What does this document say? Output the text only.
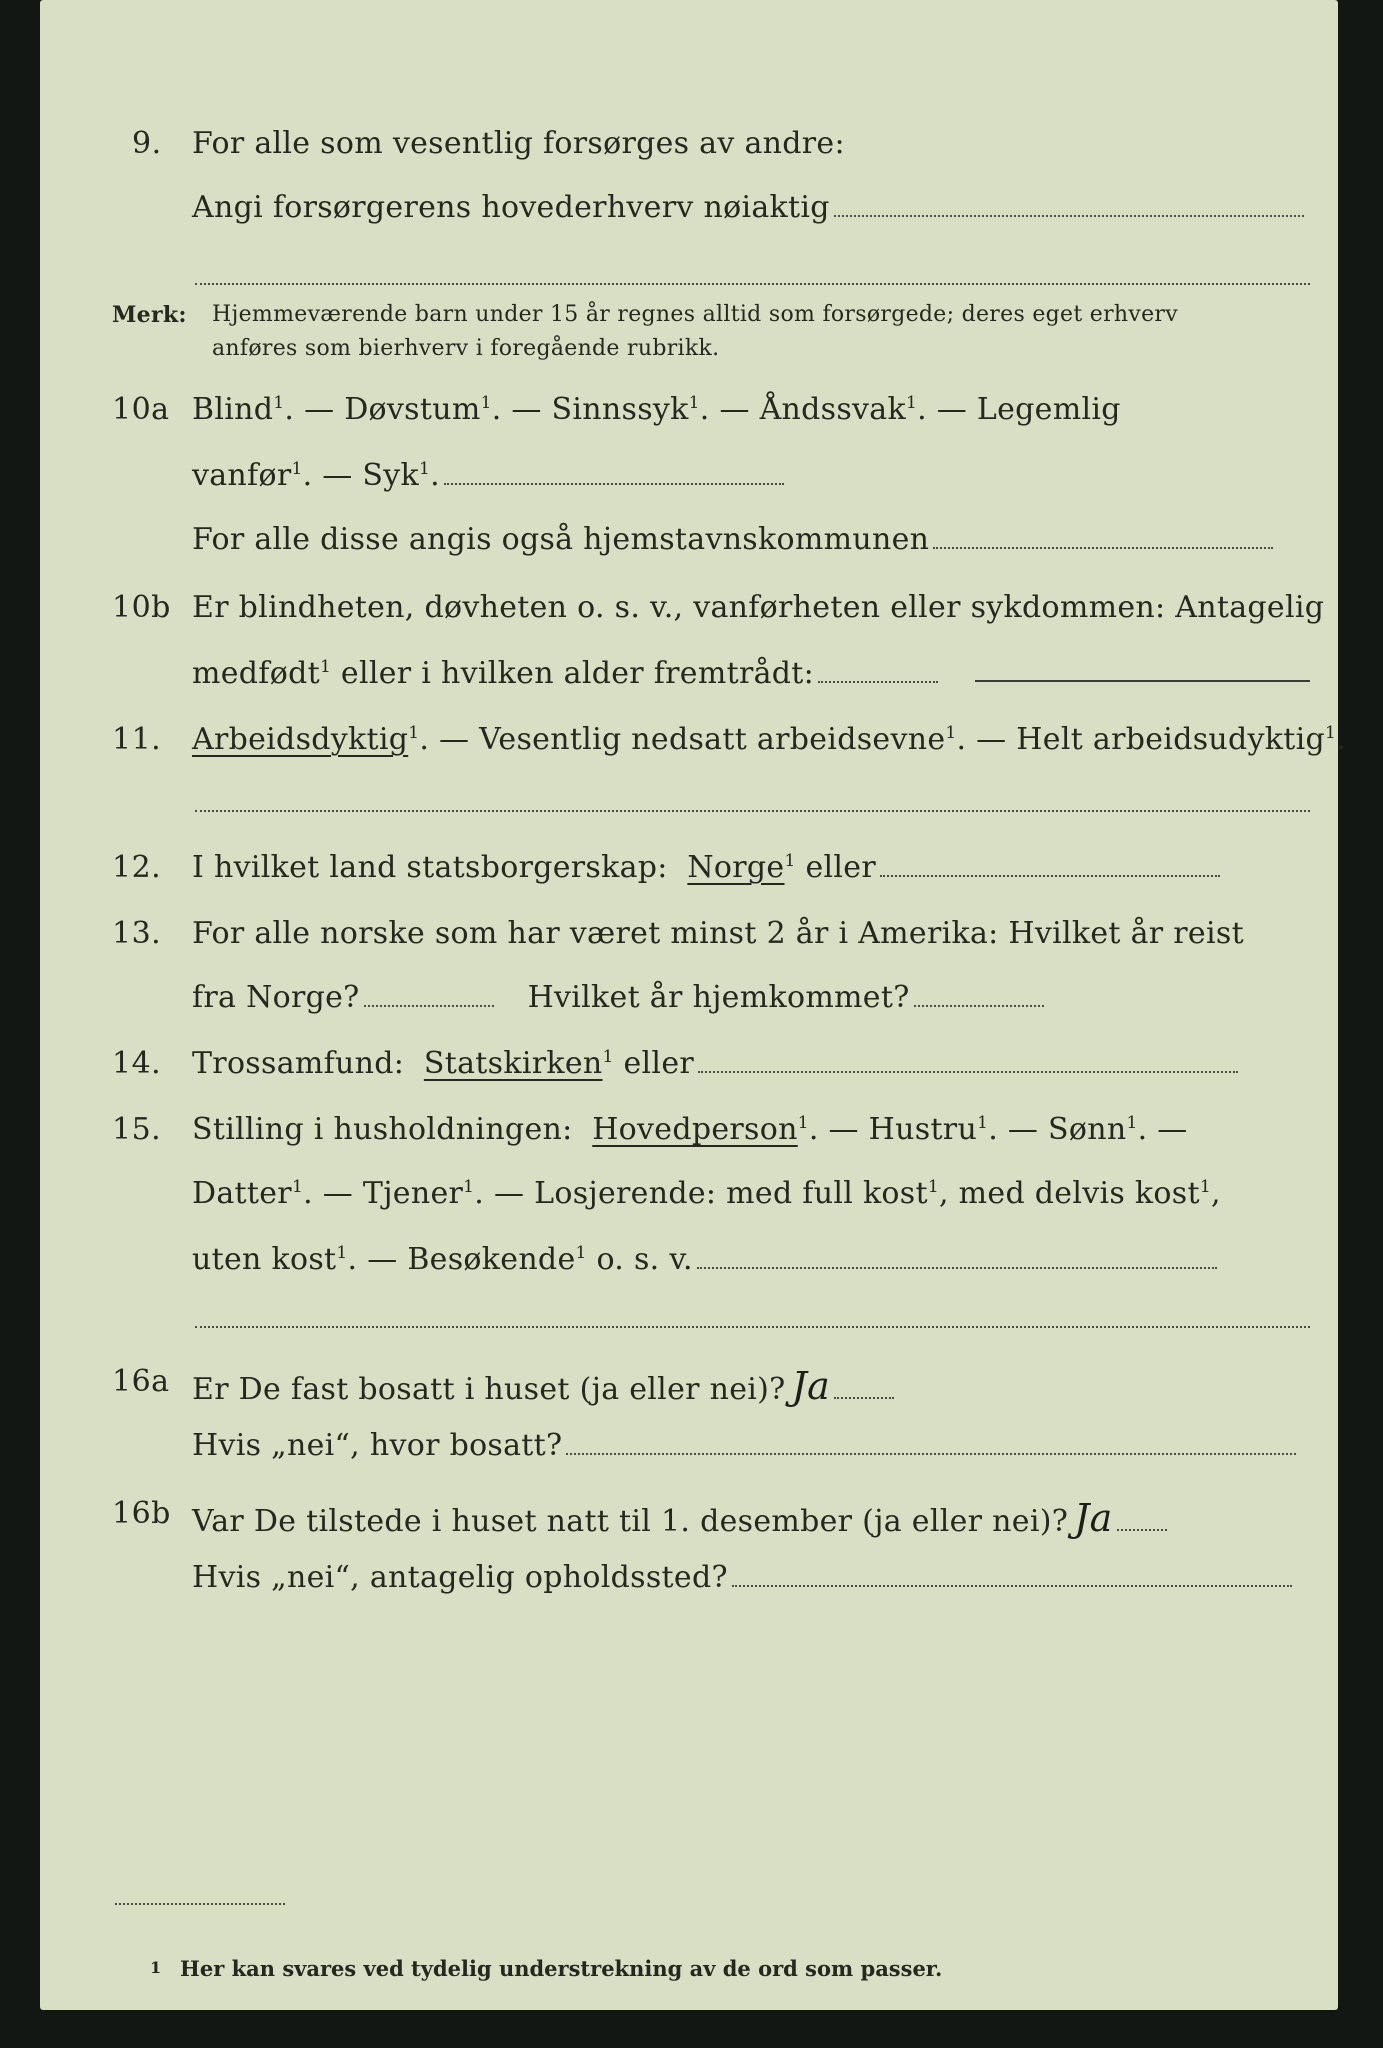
9. For alle som vesentlig forsørges av andre:
Angi forsørgerens hovederhverv nøiaktig
Merk: Hjemmeværende barn under 15 år regnes alltid som forsørgede; deres eget erhverv
anføres som bierhverv i foregående rubrikk.
10a Blind$^1$. — Døvstum$^1$. — Sinnssyk$^1$. — Åndssvak$^1$. — Legemlig
vanfør$^1$. — Syk$^1$.
For alle disse angis også hjemstavnskommunen
10b Er blindheten, døvheten o. s. v., vanførheten eller sykdommen: Antagelig
medfødt$^1$ eller i hvilken alder fremtrådt:
11. Arbeidsdyktig$^1$. — Vesentlig nedsatt arbeidsevne$^1$. — Helt arbeidsudyktig$^1$.
12. I hvilket land statsborgerskap: Norge$^1$ eller
13. For alle norske som har været minst 2 år i Amerika: Hvilket år reist
fra Norge?	Hvilket år hjemkommet?
14. Trossamfund: Statskirken$^1$ eller
15. Stilling i husholdningen: Hovedperson$^1$. — Hustru$^1$. — Sønn$^1$. —
Datter$^1$. — Tjener$^1$. — Losjerende: med full kost$^1$, med delvis kost$^1$,
uten kost$^1$. — Besøkende$^1$ o. s. v.
16a Er De fast bosatt i huset (ja eller nei)? Ja
Hvis „nei“, hvor bosatt?
16b Var De tilstede i huset natt til 1. desember (ja eller nei)? Ja
Hvis „nei“, antagelig opholdssted?
1 Her kan svares ved tydelig understrekning av de ord som passer.
